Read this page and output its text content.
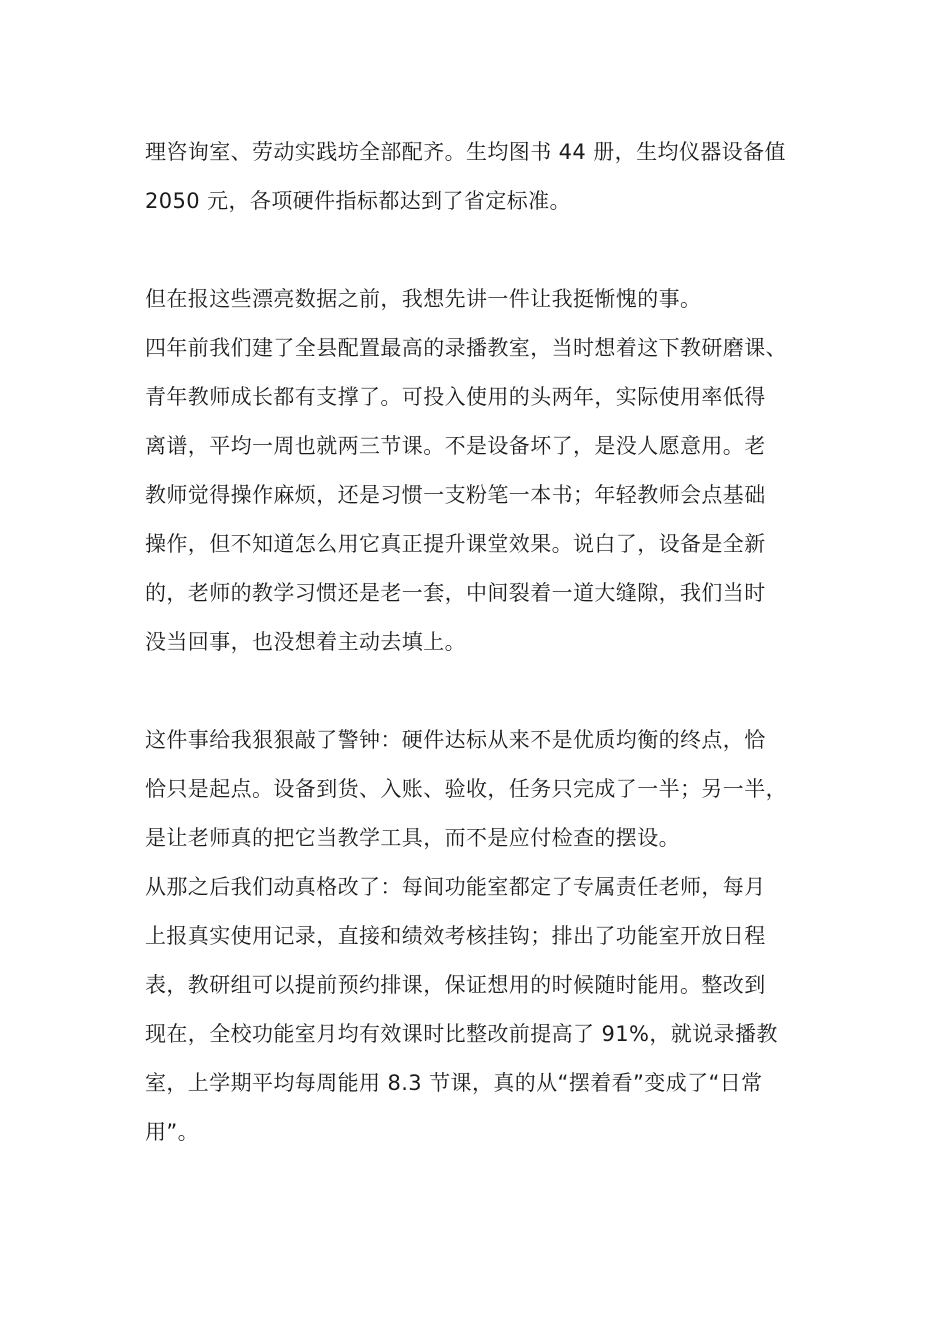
理咨询室、劳动实践坊全部配齐。生均图书 44 册，生均仪器设备值
2050 元，各项硬件指标都达到了省定标准。
但在报这些漂亮数据之前，我想先讲一件让我挺惭愧的事。
四年前我们建了全县配置最高的录播教室，当时想着这下教研磨课、
青年教师成长都有支撑了。可投入使用的头两年，实际使用率低得
离谱，平均一周也就两三节课。不是设备坏了，是没人愿意用。老
教师觉得操作麻烦，还是习惯一支粉笔一本书；年轻教师会点基础
操作，但不知道怎么用它真正提升课堂效果。说白了，设备是全新
的，老师的教学习惯还是老一套，中间裂着一道大缝隙，我们当时
没当回事，也没想着主动去填上。
这件事给我狠狠敲了警钟：硬件达标从来不是优质均衡的终点，恰
恰只是起点。设备到货、入账、验收，任务只完成了一半；另一半，
是让老师真的把它当教学工具，而不是应付检查的摆设。
从那之后我们动真格改了：每间功能室都定了专属责任老师，每月
上报真实使用记录，直接和绩效考核挂钩；排出了功能室开放日程
表，教研组可以提前预约排课，保证想用的时候随时能用。整改到
现在，全校功能室月均有效课时比整改前提高了 91%，就说录播教
室，上学期平均每周能用 8.3 节课，真的从“摆着看”变成了“日常
用”。
